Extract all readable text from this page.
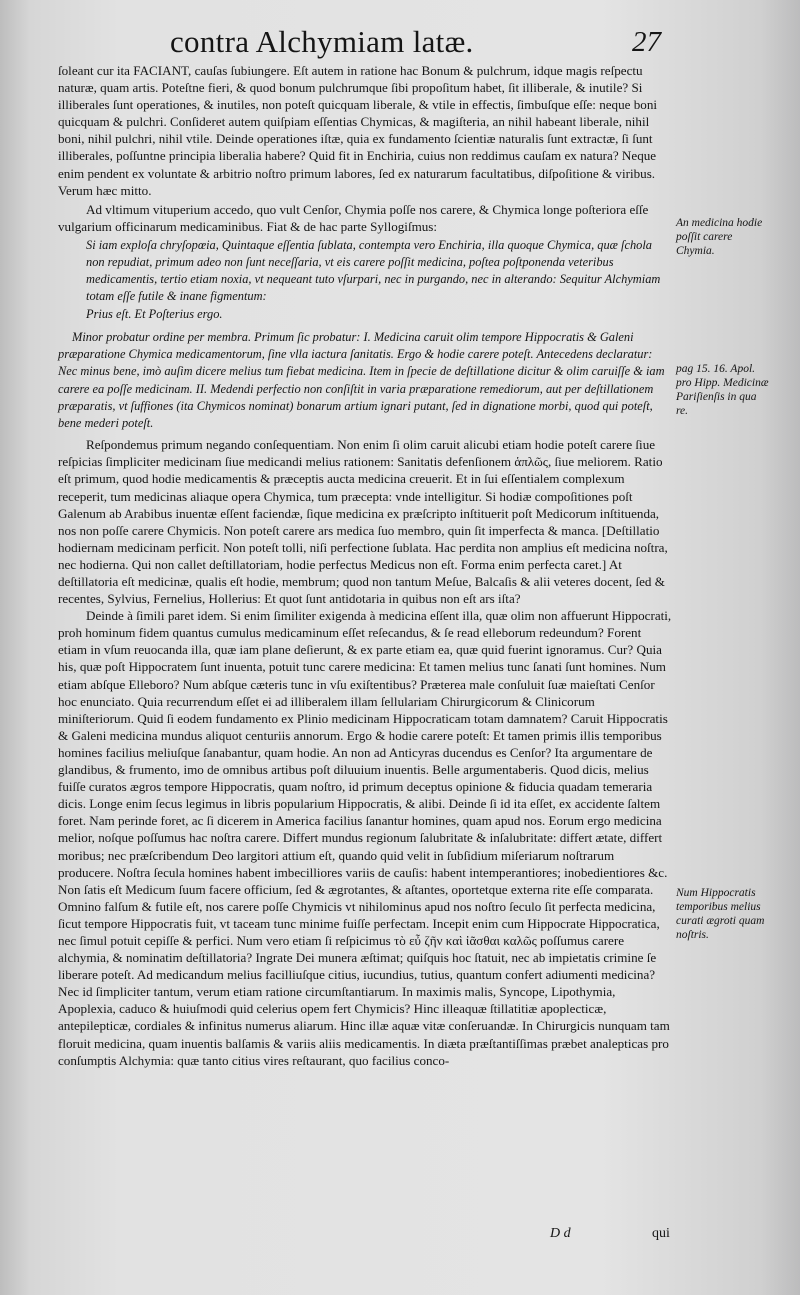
contra Alchymiam latæ.	27

ſoleant cur ita FACIANT, cauſas ſubiungere. Eſt autem in ratione hac Bonum & pulchrum, idque magis reſpectu naturæ, quam artis. Poteſtne fieri, & quod bonum pulchrumque ſibi propoſitum habet, ſit illiberale, & inutile? Si illiberales ſunt operationes, & inutiles, non poteſt quicquam liberale, & vtile in effectis, ſimbuſque eſſe: neque boni quicquam & pulchri. Conſideret autem quiſpiam eſſentias Chymicas, & magiſteria, an nihil habeant liberale, nihil boni, nihil pulchri, nihil vtile. Deinde operationes iſtæ, quia ex fundamento ſcientiæ naturalis ſunt extractæ, ſi ſunt illiberales, poſſuntne principia liberalia habere? Quid fit in Enchiria, cuius non reddimus cauſam ex natura? Neque enim pendent ex voluntate & arbitrio noſtro primum labores, ſed ex naturarum facultatibus, diſpoſitione & viribus. Verum hæc mitto.

Ad vltimum vituperium accedo, quo vult Cenſor, Chymia poſſe nos carere, & Chymica longe poſteriora eſſe vulgarium officinarum medicaminibus. Fiat & de hac parte Syllogiſmus:

Si iam exploſa chryſopœia, Quintaque eſſentia ſublata, contempta vero Enchiria, illa quoque Chymica, quæ ſchola non repudiat, primum adeo non ſunt neceſſaria, vt eis carere poſſit medicina, poſtea poſtponenda veteribus medicamentis, tertio etiam noxia, vt nequeant tuto vſurpari, nec in purgando, nec in alterando: Sequitur Alchymiam totam eſſe futile & inane figmentum:

Prius eſt. Et Poſterius ergo.

Minor probatur ordine per membra. Primum ſic probatur: I. Medicina caruit olim tempore Hippocratis & Galeni præparatione Chymica medicamentorum, ſine vlla iactura ſanitatis. Ergo & hodie carere poteſt. Antecedens declaratur: Nec minus bene, imò auſim dicere melius tum fiebat medicina. Item in ſpecie de deſtillatione dicitur & olim caruiſſe & iam carere ea poſſe medicinam. II. Medendi perfectio non conſiſtit in varia præparatione remediorum, aut per deſtillationem præparatis, vt ſuffiones (ita Chymicos nominat) bonarum artium ignari putant, ſed in dignatione morbi, quod qui poteſt, bene mederi poteſt.

Reſpondemus primum negando conſequentiam. Non enim ſi olim caruit alicubi etiam hodie poteſt carere ſiue reſpicias ſimpliciter medicinam ſiue medicandi melius rationem: Sanitatis defenſionem ἁπλῶς, ſiue meliorem. Ratio eſt primum, quod hodie medicamentis & præceptis aucta medicina creuerit. Et in ſui eſſentialem complexum receperit, tum medicinas aliaque opera Chymica, tum præcepta: vnde intelligitur. Si hodiæ compoſitiones poſt Galenum ab Arabibus inuentæ eſſent faciendæ, ſique medicina ex præſcripto inſtituerit poſt Medicorum inſtituenda, nos non poſſe carere Chymicis. Non poteſt carere ars medica ſuo membro, quin ſit imperfecta & manca. [Deſtillatio hodiernam medicinam perficit. Non poteſt tolli, niſi perfectione ſublata. Hac perdita non amplius eſt medicina noſtra, nec hodierna. Qui non callet deſtillatoriam, hodie perfectus Medicus non eſt. Forma enim perfecta caret.] At deſtillatoria eſt medicinæ, qualis eſt hodie, membrum; quod non tantum Meſue, Balcaſis & alii veteres docent, ſed & recentes, Sylvius, Fernelius, Hollerius: Et quot ſunt antidotaria in quibus non eſt ars iſta?

Deinde à ſimili paret idem. Si enim ſimiliter exigenda à medicina eſſent illa, quæ olim non affuerunt Hippocrati, proh hominum fidem quantus cumulus medicaminum eſſet reſecandus, & ſe read elleborum redeundum? Forent etiam in vſum reuocanda illa, quæ iam plane deſierunt, & ex parte etiam ea, quæ quid fuerint ignoramus. Cur? Quia his, quæ poſt Hippocratem ſunt inuenta, potuit tunc carere medicina: Et tamen melius tunc ſanati ſunt homines. Num etiam abſque Elleboro? Num abſque cæteris tunc in vſu exiſtentibus? Præterea male conſuluit ſuæ maieſtati Cenſor hoc enunciato. Quia recurrendum eſſet ei ad illiberalem illam ſellulariam Chirurgicorum & Clinicorum miniſteriorum. Quid ſi eodem fundamento ex Plinio medicinam Hippocraticam totam damnatem? Caruit Hippocratis & Galeni medicina mundus aliquot centuriis annorum. Ergo & hodie carere poteſt: Et tamen primis illis temporibus homines facilius meliuſque ſanabantur, quam hodie. An non ad Anticyras ducendus es Cenſor? Ita argumentare de glandibus, & frumento, imo de omnibus artibus poſt diluuium inuentis. Belle argumentaberis. Quod dicis, melius fuiſſe curatos ægros tempore Hippocratis, quam noſtro, id primum deceptus opinione & fiducia quadam temeraria dicis. Longe enim ſecus legimus in libris popularium Hippocratis, & alibi. Deinde ſi id ita eſſet, ex accidente ſaltem foret. Nam perinde foret, ac ſi dicerem in America facilius ſanantur homines, quam apud nos. Eorum ergo medicina melior, noſque poſſumus hac noſtra carere. Differt mundus regionum ſalubritate & inſalubritate: differt ætate, differt moribus; nec præſcribendum Deo largitori attium eſt, quando quid velit in ſubſidium miſeriarum noſtrarum producere. Noſtra ſecula homines habent imbecilliores variis de cauſis: habent intemperantiores; inobedientiores &c. Non ſatis eſt Medicum ſuum facere officium, ſed & ægrotantes, & aſtantes, oportetque externa rite eſſe comparata. Omnino falſum & futile eſt, nos carere poſſe Chymicis vt nihilominus apud nos noſtro ſeculo ſit perfecta medicina, ſicut tempore Hippocratis fuit, vt taceam tunc minime fuiſſe perfectam. Incepit enim cum Hippocrate Hippocratica, nec ſimul potuit cepiſſe & perfici. Num vero etiam ſi reſpicimus τὸ εὖ ζῆν καὶ ἰᾶσθαι καλῶς poſſumus carere alchymia, & nominatim deſtillatoria? Ingrate Dei munera æſtimat; quiſquis hoc ſtatuit, nec ab impietatis crimine ſe liberare poteſt. Ad medicandum melius facilliuſque citius, iucundius, tutius, quantum confert adiumenti medicina? Nec id ſimpliciter tantum, verum etiam ratione circumſtantiarum. In maximis malis, Syncope, Lipothymia, Apoplexia, caduco & huiuſmodi quid celerius opem fert Chymicis? Hinc illeaquæ ſtillatitiæ apoplecticæ, antepilepticæ, cordiales & infinitus numerus aliarum. Hinc illæ aquæ vitæ conſeruandæ. In Chirurgicis nunquam tam floruit medicina, quam inuentis balſamis & variis aliis medicamentis. In diæta præſtantiſſimas præbet analepticas pro conſumptis Alchymia: quæ tanto citius vires reſtaurant, quo facilius conco-

An medicina hodie poſſit carere Chymia.
pag 15. 16. Apol. pro Hipp. Medicinæ Pariſienſis in qua re.
Num Hippocratis temporibus melius curati ægroti quam noſtris.
D d	qui
